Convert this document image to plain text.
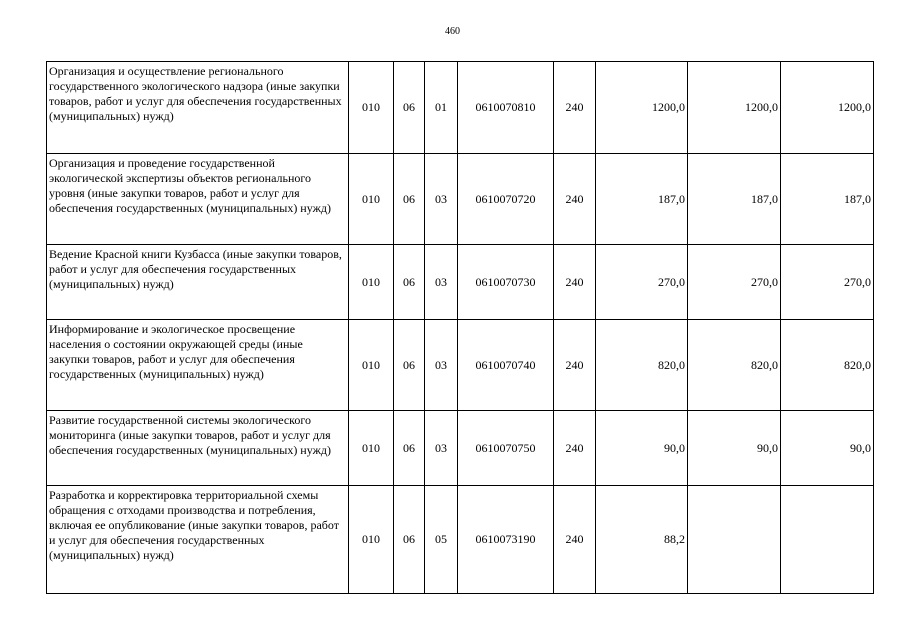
460
Организация и осуществление регионального государственного экологического надзора (иные закупки товаров, работ и услуг для обеспечения государственных (муниципальных) нужд)	010	06	01	0610070810	240	1200,0	1200,0	1200,0
Организация и проведение государственной экологической экспертизы объектов регионального уровня (иные закупки товаров, работ и услуг для обеспечения государственных (муниципальных) нужд)	010	06	03	0610070720	240	187,0	187,0	187,0
Ведение Красной книги Кузбасса (иные закупки товаров, работ и услуг для обеспечения государственных (муниципальных) нужд)	010	06	03	0610070730	240	270,0	270,0	270,0
Информирование и экологическое просвещение населения о состоянии окружающей среды (иные закупки товаров, работ и услуг для обеспечения государственных (муниципальных) нужд)	010	06	03	0610070740	240	820,0	820,0	820,0
Развитие государственной системы экологического мониторинга (иные закупки товаров, работ и услуг для обеспечения государственных (муниципальных) нужд)	010	06	03	0610070750	240	90,0	90,0	90,0
Разработка и корректировка территориальной схемы обращения с отходами производства и потребления, включая ее опубликование (иные закупки товаров, работ и услуг для обеспечения государственных (муниципальных) нужд)	010	06	05	0610073190	240	88,2		
